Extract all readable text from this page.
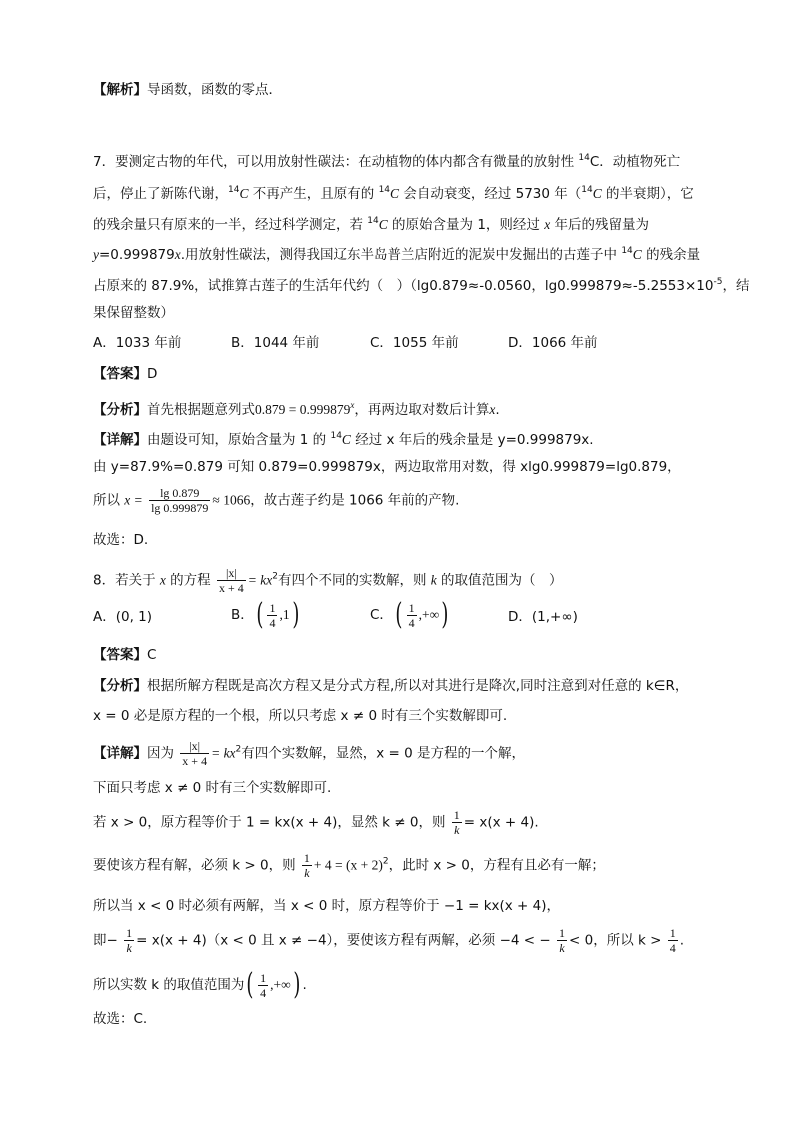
【解析】导函数，函数的零点．
7．要测定古物的年代，可以用放射性碳法：在动植物的体内都含有微量的放射性 $^{14}$C．动植物死亡
后，停止了新陈代谢，$^{14}$C 不再产生，且原有的 $^{14}$C 会自动衰变，经过 5730 年（$^{14}$C 的半衰期），它
的残余量只有原来的一半，经过科学测定，若 $^{14}$C 的原始含量为 1，则经过 x 年后的残留量为
y=0.999879x.用放射性碳法，测得我国辽东半岛普兰店附近的泥炭中发掘出的古莲子中 $^{14}$C 的残余量
占原来的 87.9%，试推算古莲子的生活年代约（　）（lg0.879≈-0.0560，$\lg 0.999879\approx-5.2553\times 10^{-5}$，结
果保留整数）
A．1033 年前	B．1044 年前	C．1055 年前	D．1066 年前
【答案】D
【分析】首先根据题意列式$0.879 = 0.999879^x$，再两边取对数后计算x.
【详解】由题设可知，原始含量为 1 的 $^{14}$C 经过 x 年后的残余量是 y=0.999879x.
由 y=87.9%=0.879 可知 0.879=0.999879x，两边取常用对数，得 xlg0.999879=lg0.879，
所以 $x = \frac{\lg 0.879}{\lg 0.999879} \approx 1066$，故古莲子约是 1066 年前的产物.
故选：D.
8．若关于 x 的方程 $\frac{|x|}{x + 4} = kx^2$有四个不同的实数解，则 k 的取值范围为（　）
A．(0, 1)	B．( $\frac{1}{4} ,1$)	C．( $\frac{1}{4}$ ,+∞)	D．(1,+∞)
【答案】C
【分析】根据所解方程既是高次方程又是分式方程,所以对其进行是降次,同时注意到对任意的 k∈R，
x = 0 必是原方程的一个根，所以只考虑 x ≠ 0 时有三个实数解即可.
【详解】因为 $\frac{|x|}{x + 4} = kx^2$有四个实数解，显然，x = 0 是方程的一个解，
下面只考虑 x ≠ 0 时有三个实数解即可.
若 x > 0，原方程等价于 1 = kx(x + 4)，显然 k ≠ 0，则 $\frac{1}{k} = x(x + 4)$.
要使该方程有解，必须 k > 0，则 $\frac{1}{k} + 4 = (x + 2)^2$，此时 x > 0，方程有且必有一解；
所以当 x < 0 时必须有两解，当 x < 0 时，原方程等价于 −1 = kx(x + 4)，
即− $\frac{1}{k} = x(x + 4)(x < 0$ 且 x ≠ −4），要使该方程有两解，必须 −4 < − $\frac{1}{k} < 0$，所以 $k > \frac{1}{4}$ .
所以实数 k 的取值范围为( $\frac{1}{4}$ ,+∞) .
故选：C.
